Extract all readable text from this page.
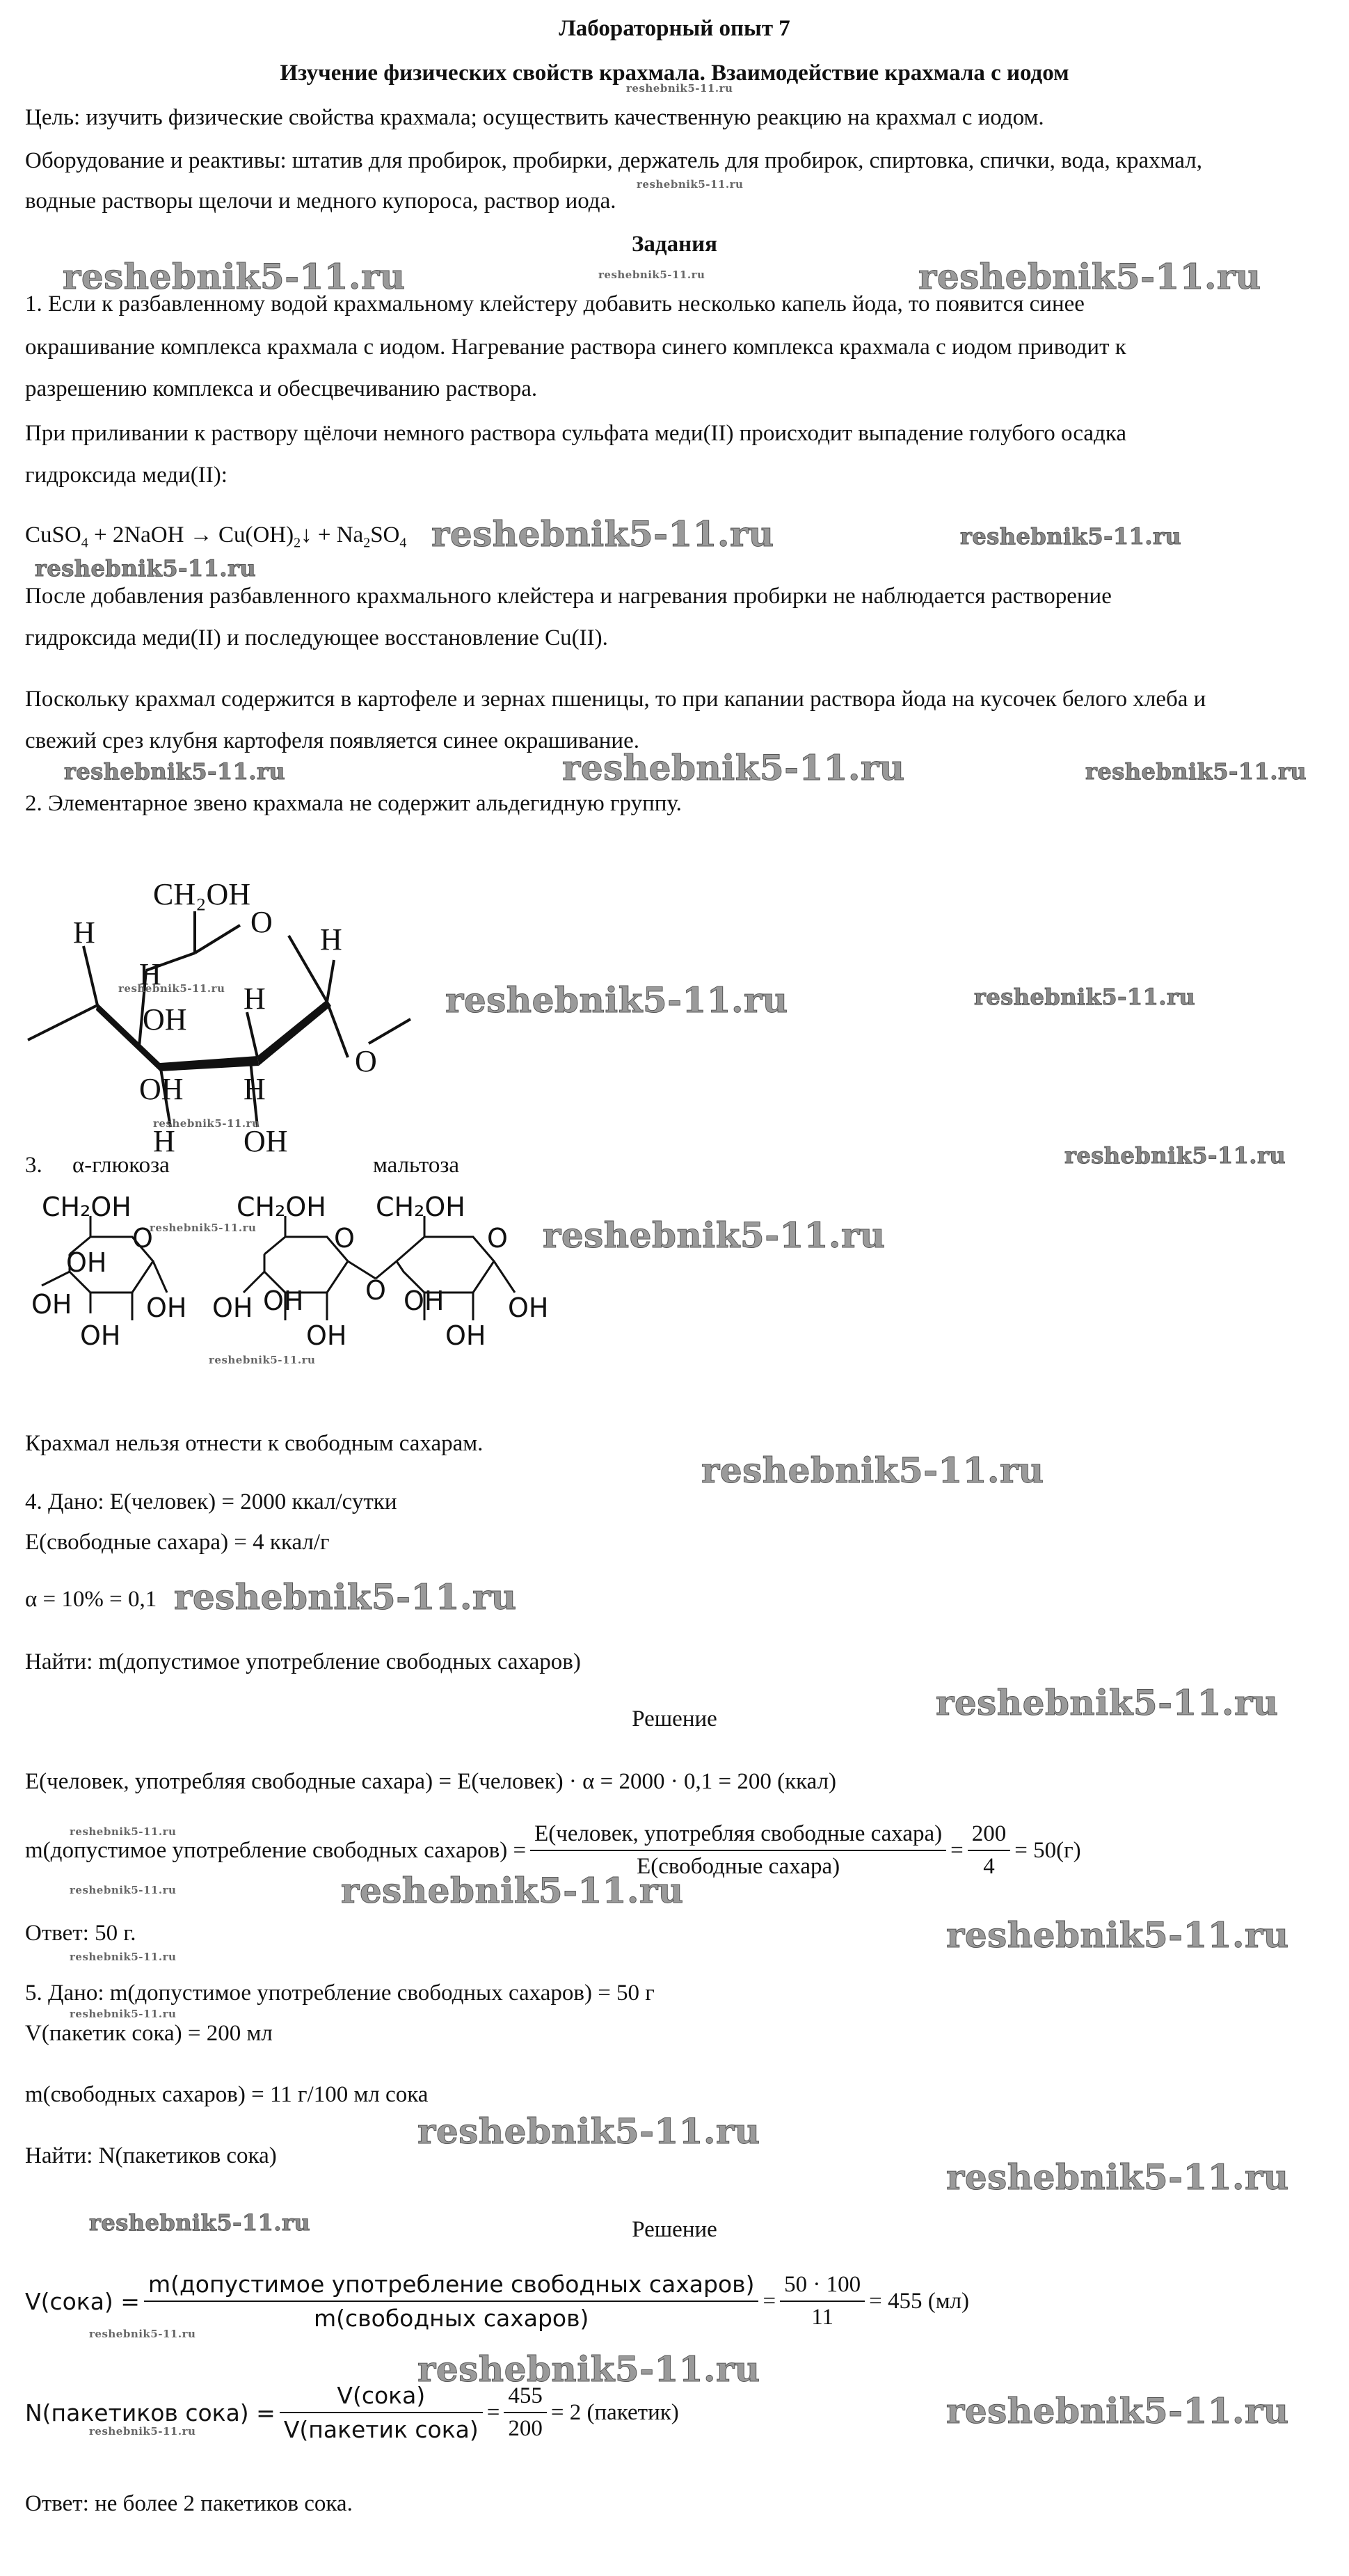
Лабораторный опыт 7
Изучение физических свойств крахмала. Взаимодействие крахмала с иодом
Цель: изучить физические свойства крахмала; осуществить качественную реакцию на крахмал с иодом.
Оборудование и реактивы: штатив для пробирок, пробирки, держатель для пробирок, спиртовка, спички, вода, крахмал,
водные растворы щелочи и медного купороса, раствор иода.
Задания
1. Если к разбавленному водой крахмальному клейстеру добавить несколько капель йода, то появится синее
окрашивание комплекса крахмала с иодом. Нагревание раствора синего комплекса крахмала с иодом приводит к
разрешению комплекса и обесцвечиванию раствора.
При приливании к раствору щёлочи немного раствора сульфата меди(II) происходит выпадение голубого осадка
гидроксида меди(II):
CuSO$_4$ + 2NaOH → $Cu(OH)_2↓ + Na_2SO_4$
После добавления разбавленного крахмального клейстера и нагревания пробирки не наблюдается растворение
гидроксида меди(II) и последующее восстановление Cu(II).
Поскольку крахмал содержится в картофеле и зернах пшеницы, то при капании раствора йода на кусочек белого хлеба и
свежий срез клубня картофеля появляется синее окрашивание.
2. Элементарное звено крахмала не содержит альдегидную группу.
CH₂OH
O
H
H
H
OH
H
O
OH H
H OH
3. α-глюкоза	мальтоза
CH₂OH
O
OH
OH
OH
OH
CH₂OH
O
OH
OH
OH
O
CH₂OH
O
OH
OH
OH
Крахмал нельзя отнести к свободным сахарам.
4. Дано: E(человек) = 2000 ккал/сутки
E(свободные сахара) = 4 ккал/г
α = 10% = 0,1
Найти: m(допустимое употребление свободных сахаров)
Решение
E(человек, употребляя свободные сахара) = E(человек) · α = 2000 · 0,1 = 200 (ккал)
m(допустимое употребление свободных сахаров) = $\frac{\text{E(человек, употребляя свободные сахара)}}{\text{E(свободные сахара)}} = \frac{200}{4} = 50(г)$
Ответ: 50 г.
5. Дано: m(допустимое употребление свободных сахаров) = 50 г
V(пакетик сока) = 200 мл
m(свободных сахаров) = 11 г/100 мл сока
Найти: N(пакетиков сока)
Решение
V(сока) = $\frac{\text{m(допустимое употребление свободных сахаров)}}{\text{m(свободных сахаров)}} = \frac{50 \cdot 100}{11} = 455$ (мл)
N(пакетиков сока) = $\frac{\text{V(сока)}}{\text{V(пакетик сока)}} = \frac{455}{200} = 2$ (пакетик)
Ответ: не более 2 пакетиков сока.
reshebnik5-11.ru
reshebnik5-11.ru
reshebnik5-11.ru
reshebnik5-11.ru	reshebnik5-11.ru
reshebnik5-11.ru	reshebnik5-11.ru
reshebnik5-11.ru
reshebnik5-11.ru	reshebnik5-11.ru	reshebnik5-11.ru
reshebnik5-11.ru	reshebnik5-11.ru
reshebnik5-11.ru
reshebnik5-11.ru
reshebnik5-11.ru
reshebnik5-11.ru
reshebnik5-11.ru
reshebnik5-11.ru
reshebnik5-11.ru
reshebnik5-11.ru
reshebnik5-11.ru
reshebnik5-11.ru
reshebnik5-11.ru	reshebnik5-11.ru
reshebnik5-11.ru
reshebnik5-11.ru
reshebnik5-11.ru
reshebnik5-11.ru
reshebnik5-11.ru
reshebnik5-11.ru
reshebnik5-11.ru
reshebnik5-11.ru
reshebnik5-11.ru
reshebnik5-11.ru
